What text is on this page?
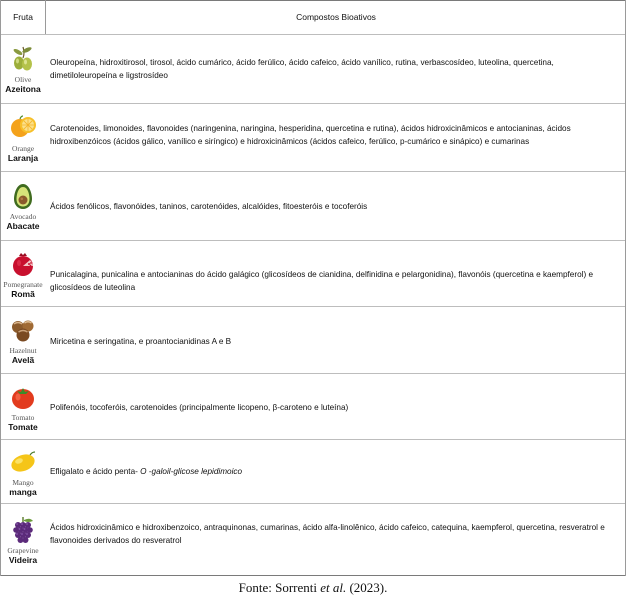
Fruta	Compostos Bioativos
Olive
Azeitona
Oleuropeína, hidroxitirosol, tirosol, ácido cumárico, ácido ferúlico, ácido cafeico, ácido vanílico, rutina, verbascosídeo, luteolina, quercetina, dimetiloleuropeína e ligstrosídeo
Orange
Laranja
Carotenoides, limonoides, flavonoides (naringenina, naringina, hesperidina, quercetina e rutina), ácidos hidroxicinâmicos e antocianinas, ácidos hidroxibenzóicos (ácidos gálico, vanílico e siríngico) e hidroxicinâmicos (ácidos cafeico, ferúlico, p-cumárico e sinápico) e cumarinas
Avocado
Abacate
Ácidos fenólicos, flavonóides, taninos, carotenóides, alcalóides, fitoesteróis e tocoferóis
Pomegranate
Romã
Punicalagina, punicalina e antocianinas do ácido galágico (glicosídeos de cianidina, delfinidina e pelargonidina), flavonóis (quercetina e kaempferol) e glicosídeos de luteolina
Hazelnut
Avelã
Miricetina e seringatina, e proantocianidinas A e B
Tomato
Tomate
Polifenóis, tocoferóis, carotenoides (principalmente licopeno, β-caroteno e luteína)
Mango
manga
Efligalato e ácido penta-
O -galoil-glicose lepidimoico
Grapevine
Videira
Ácidos hidroxicinâmico e hidroxibenzoico, antraquinonas, cumarinas, ácido alfa-linolênico, ácido cafeico, catequina, kaempferol, quercetina, resveratrol e flavonoides derivados do resveratrol
Fonte: Sorrenti et al. (2023).
